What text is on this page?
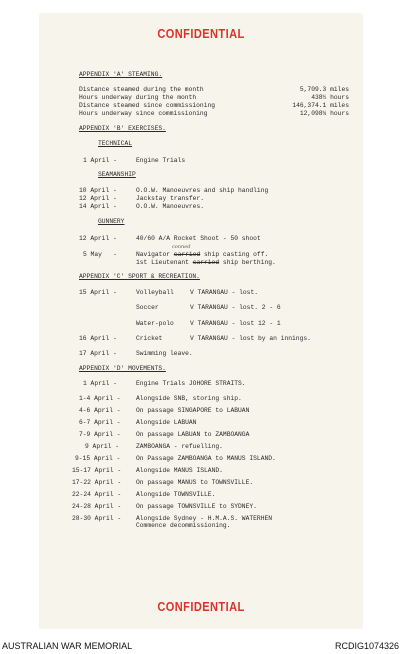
CONFIDENTIAL
APPENDIX 'A' STEAMING.
Distance steamed during the month	5,709.3 miles
Hours underway during the month	438½ hours
Distance steamed since commissioning	146,374.1 miles
Hours underway since commissioning	12,098¼ hours
APPENDIX 'B' EXERCISES.
TECHNICAL
1 April -	Engine Trials
SEAMANSHIP
10 April -	O.O.W. Manoeuvres and ship handling
12 April -	Jackstay transfer.
14 April -	O.O.W. Manoeuvres.
GUNNERY
12 April -	40/60 A/A Rocket Shoot - 50 shoot
conned
5 May   -	Navigator carried ship casting off.
1st Lieutenant carried ship berthing.
APPENDIX 'C' SPORT & RECREATION.
15 April -	Volleyball	V TARANGAU - lost.
Soccer	V TARANGAU - lost. 2 - 6
Water-polo	V TARANGAU - lost 12 - 1
16 April -	Cricket	V TARANGAU - lost by an innings.
17 April -	Swimming leave.
APPENDIX 'D' MOVEMENTS.
1 April -	Engine Trials JOHORE STRAITS.
1-4 April - Alongside SNB, storing ship.
4-6 April - On passage SINGAPORE to LABUAN
6-7 April - Alongside LABUAN
7-9 April - On passage LABUAN to ZAMBOANGA
9 April -	ZAMBOANGA - refuelling.
9-15 April - On Passage ZAMBOANGA to MANUS ISLAND.
15-17 April - Alongside MANUS ISLAND.
17-22 April - On passage MANUS to TOWNSVILLE.
22-24 April - Alongside TOWNSVILLE.
24-28 April - On passage TOWNSVILLE to SYDNEY.
28-30 April - Alongside Sydney - H.M.A.S. WATERHEN
Commence decommissioning.
CONFIDENTIAL
AUSTRALIAN WAR MEMORIAL	RCDIG1074326
